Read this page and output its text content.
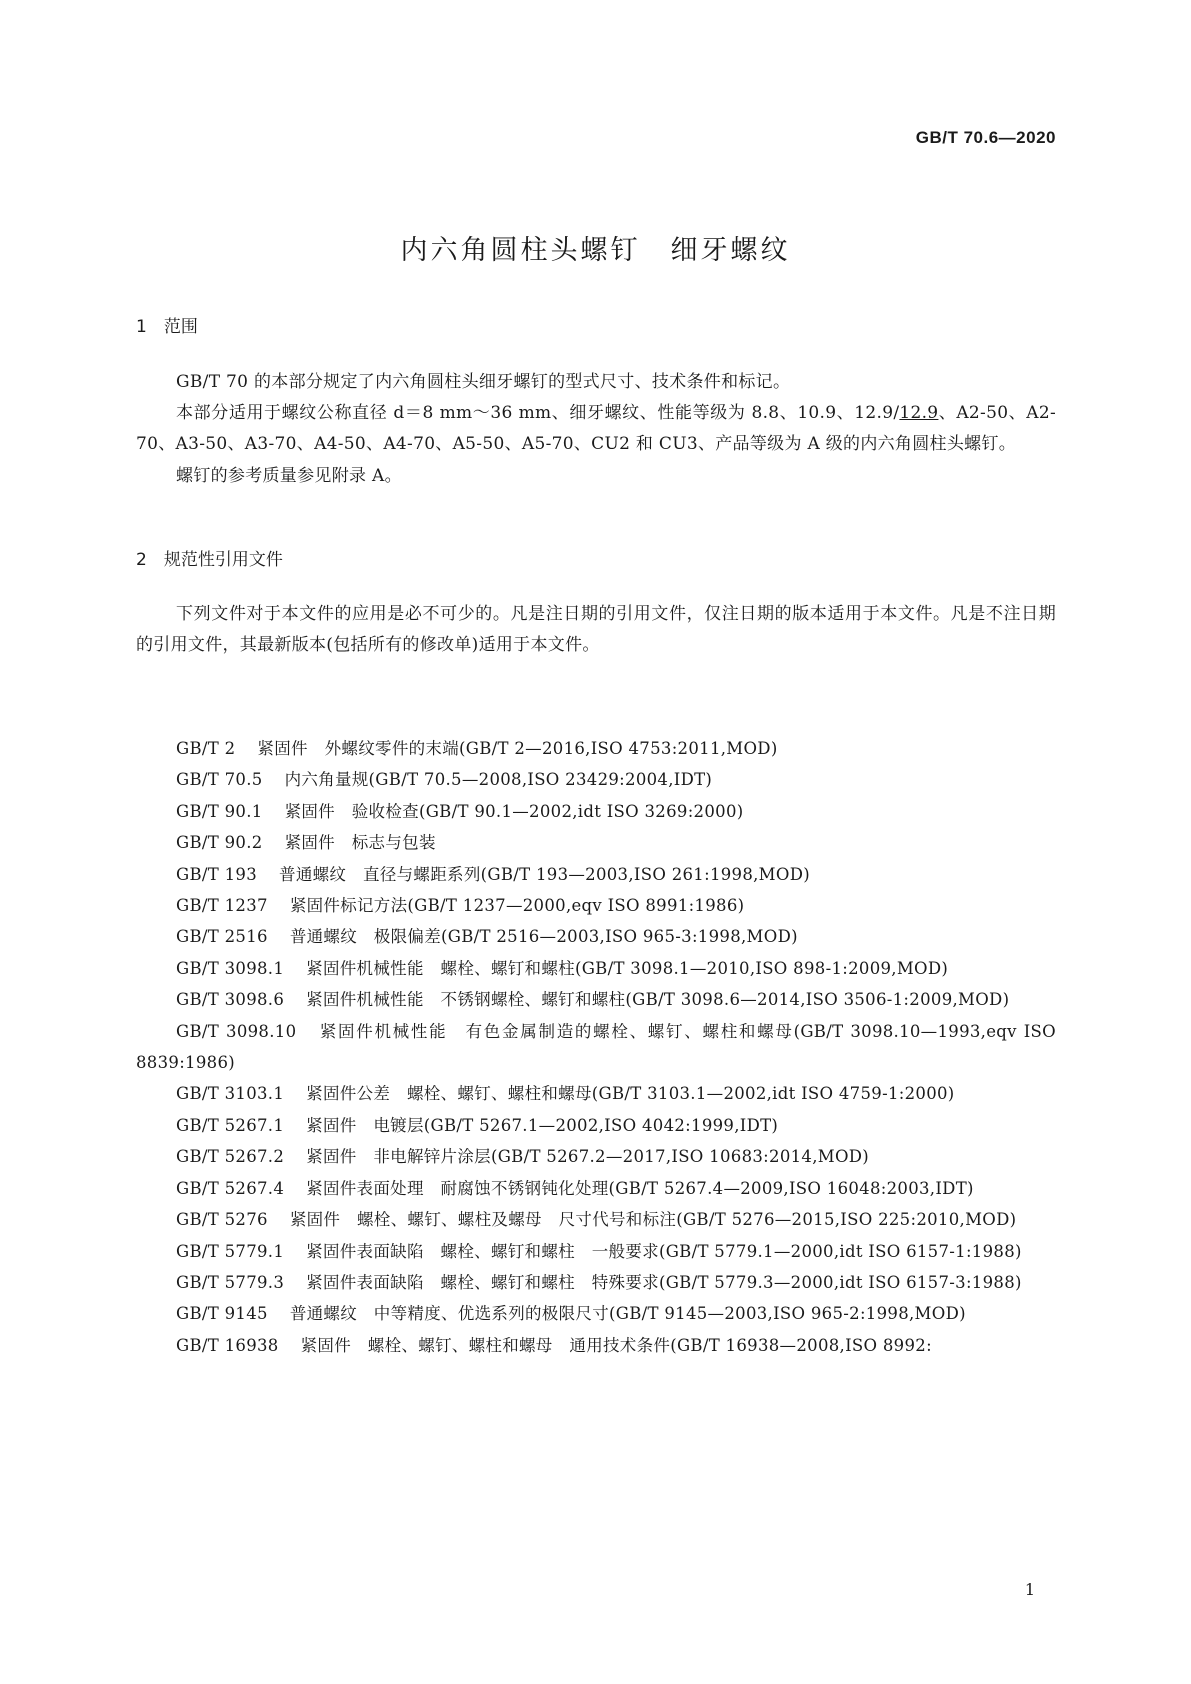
GB/T 70.6—2020
内六角圆柱头螺钉　细牙螺纹
1　范围

GB/T 70 的本部分规定了内六角圆柱头细牙螺钉的型式尺寸、技术条件和标记。

本部分适用于螺纹公称直径 d＝8 mm～36 mm、细牙螺纹、性能等级为 8.8、10.9、12.9/12.9、A2-50、A2-70、A3-50、A3-70、A4-50、A4-70、A5-50、A5-70、CU2 和 CU3、产品等级为 A 级的内六角圆柱头螺钉。

螺钉的参考质量参见附录 A。

2　规范性引用文件

下列文件对于本文件的应用是必不可少的。凡是注日期的引用文件，仅注日期的版本适用于本文件。凡是不注日期的引用文件，其最新版本(包括所有的修改单)适用于本文件。

GB/T 2 紧固件　外螺纹零件的末端(GB/T 2—2016,ISO 4753:2011,MOD)

GB/T 70.5 内六角量规(GB/T 70.5—2008,ISO 23429:2004,IDT)

GB/T 90.1 紧固件　验收检查(GB/T 90.1—2002,idt ISO 3269:2000)

GB/T 90.2 紧固件　标志与包装

GB/T 193 普通螺纹　直径与螺距系列(GB/T 193—2003,ISO 261:1998,MOD)

GB/T 1237 紧固件标记方法(GB/T 1237—2000,eqv ISO 8991:1986)

GB/T 2516 普通螺纹　极限偏差(GB/T 2516—2003,ISO 965-3:1998,MOD)

GB/T 3098.1 紧固件机械性能　螺栓、螺钉和螺柱(GB/T 3098.1—2010,ISO 898-1:2009,MOD)

GB/T 3098.6 紧固件机械性能　不锈钢螺栓、螺钉和螺柱(GB/T 3098.6—2014,ISO 3506-1:2009,MOD)

GB/T 3098.10 紧固件机械性能　有色金属制造的螺栓、螺钉、螺柱和螺母(GB/T 3098.10—1993,eqv ISO 8839:1986)

GB/T 3103.1 紧固件公差　螺栓、螺钉、螺柱和螺母(GB/T 3103.1—2002,idt ISO 4759-1:2000)

GB/T 5267.1 紧固件　电镀层(GB/T 5267.1—2002,ISO 4042:1999,IDT)

GB/T 5267.2 紧固件　非电解锌片涂层(GB/T 5267.2—2017,ISO 10683:2014,MOD)

GB/T 5267.4 紧固件表面处理　耐腐蚀不锈钢钝化处理(GB/T 5267.4—2009,ISO 16048:2003,IDT)

GB/T 5276 紧固件　螺栓、螺钉、螺柱及螺母　尺寸代号和标注(GB/T 5276—2015,ISO 225:2010,MOD)

GB/T 5779.1 紧固件表面缺陷　螺栓、螺钉和螺柱　一般要求(GB/T 5779.1—2000,idt ISO 6157-1:1988)

GB/T 5779.3 紧固件表面缺陷　螺栓、螺钉和螺柱　特殊要求(GB/T 5779.3—2000,idt ISO 6157-3:1988)

GB/T 9145 普通螺纹　中等精度、优选系列的极限尺寸(GB/T 9145—2003,ISO 965-2:1998,MOD)

GB/T 16938 紧固件　螺栓、螺钉、螺柱和螺母　通用技术条件(GB/T 16938—2008,ISO 8992:

1
